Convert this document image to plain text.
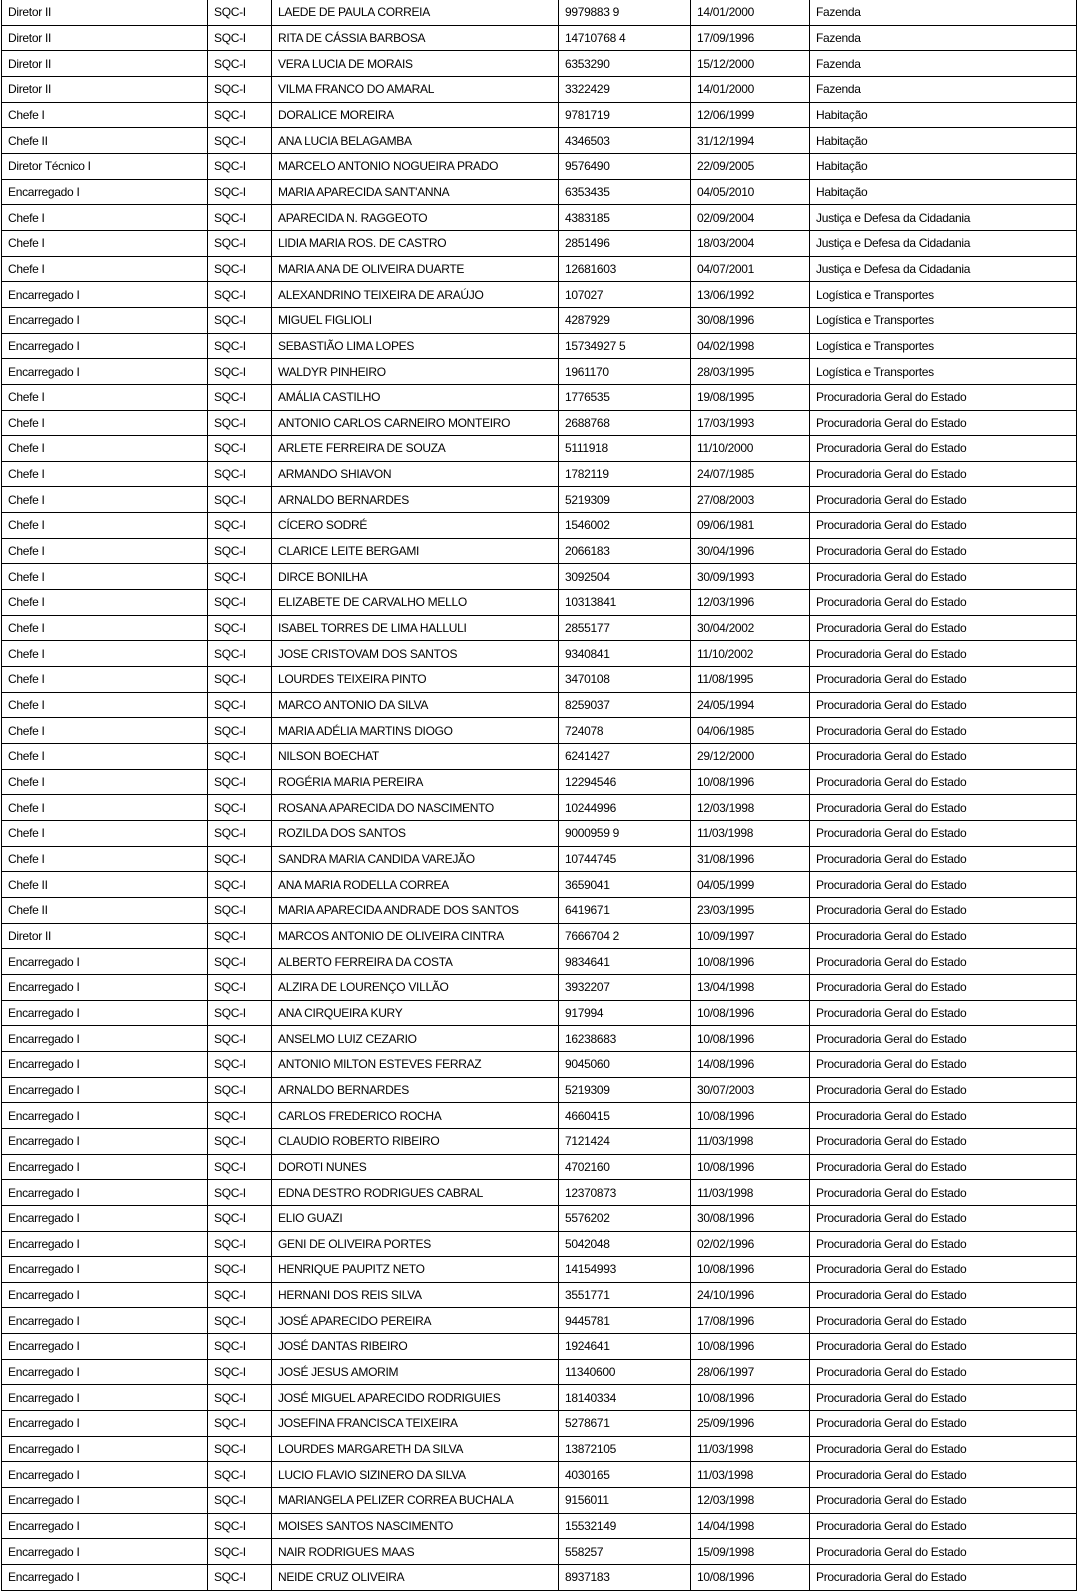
Diretor II	SQC-I	LAEDE DE PAULA CORREIA	9979883 9	14/01/2000	Fazenda
Diretor II	SQC-I	RITA DE CÁSSIA BARBOSA	14710768 4	17/09/1996	Fazenda
Diretor II	SQC-I	VERA LUCIA DE MORAIS	6353290	15/12/2000	Fazenda
Diretor II	SQC-I	VILMA FRANCO DO AMARAL	3322429	14/01/2000	Fazenda
Chefe I	SQC-I	DORALICE MOREIRA	9781719	12/06/1999	Habitação
Chefe II	SQC-I	ANA LUCIA BELAGAMBA	4346503	31/12/1994	Habitação
Diretor Técnico I	SQC-I	MARCELO ANTONIO NOGUEIRA PRADO	9576490	22/09/2005	Habitação
Encarregado I	SQC-I	MARIA APARECIDA SANT'ANNA	6353435	04/05/2010	Habitação
Chefe I	SQC-I	APARECIDA N. RAGGEOTO	4383185	02/09/2004	Justiça e Defesa da Cidadania
Chefe I	SQC-I	LIDIA MARIA ROS. DE CASTRO	2851496	18/03/2004	Justiça e Defesa da Cidadania
Chefe I	SQC-I	MARIA ANA DE OLIVEIRA DUARTE	12681603	04/07/2001	Justiça e Defesa da Cidadania
Encarregado I	SQC-I	ALEXANDRINO TEIXEIRA DE ARAÚJO	107027	13/06/1992	Logística e Transportes
Encarregado I	SQC-I	MIGUEL FIGLIOLI	4287929	30/08/1996	Logística e Transportes
Encarregado I	SQC-I	SEBASTIÃO LIMA LOPES	15734927 5	04/02/1998	Logística e Transportes
Encarregado I	SQC-I	WALDYR PINHEIRO	1961170	28/03/1995	Logística e Transportes
Chefe I	SQC-I	AMÁLIA CASTILHO	1776535	19/08/1995	Procuradoria Geral do Estado
Chefe I	SQC-I	ANTONIO CARLOS CARNEIRO MONTEIRO	2688768	17/03/1993	Procuradoria Geral do Estado
Chefe I	SQC-I	ARLETE FERREIRA DE SOUZA	5111918	11/10/2000	Procuradoria Geral do Estado
Chefe I	SQC-I	ARMANDO SHIAVON	1782119	24/07/1985	Procuradoria Geral do Estado
Chefe I	SQC-I	ARNALDO BERNARDES	5219309	27/08/2003	Procuradoria Geral do Estado
Chefe I	SQC-I	CÍCERO SODRÉ	1546002	09/06/1981	Procuradoria Geral do Estado
Chefe I	SQC-I	CLARICE LEITE BERGAMI	2066183	30/04/1996	Procuradoria Geral do Estado
Chefe I	SQC-I	DIRCE BONILHA	3092504	30/09/1993	Procuradoria Geral do Estado
Chefe I	SQC-I	ELIZABETE DE CARVALHO MELLO	10313841	12/03/1996	Procuradoria Geral do Estado
Chefe I	SQC-I	ISABEL TORRES DE LIMA HALLULI	2855177	30/04/2002	Procuradoria Geral do Estado
Chefe I	SQC-I	JOSE CRISTOVAM DOS SANTOS	9340841	11/10/2002	Procuradoria Geral do Estado
Chefe I	SQC-I	LOURDES TEIXEIRA PINTO	3470108	11/08/1995	Procuradoria Geral do Estado
Chefe I	SQC-I	MARCO ANTONIO DA SILVA	8259037	24/05/1994	Procuradoria Geral do Estado
Chefe I	SQC-I	MARIA ADÉLIA MARTINS DIOGO	724078	04/06/1985	Procuradoria Geral do Estado
Chefe I	SQC-I	NILSON BOECHAT	6241427	29/12/2000	Procuradoria Geral do Estado
Chefe I	SQC-I	ROGÉRIA MARIA PEREIRA	12294546	10/08/1996	Procuradoria Geral do Estado
Chefe I	SQC-I	ROSANA APARECIDA DO NASCIMENTO	10244996	12/03/1998	Procuradoria Geral do Estado
Chefe I	SQC-I	ROZILDA DOS SANTOS	9000959 9	11/03/1998	Procuradoria Geral do Estado
Chefe I	SQC-I	SANDRA MARIA CANDIDA VAREJÃO	10744745	31/08/1996	Procuradoria Geral do Estado
Chefe II	SQC-I	ANA MARIA RODELLA CORREA	3659041	04/05/1999	Procuradoria Geral do Estado
Chefe II	SQC-I	MARIA APARECIDA ANDRADE DOS SANTOS	6419671	23/03/1995	Procuradoria Geral do Estado
Diretor II	SQC-I	MARCOS ANTONIO DE OLIVEIRA CINTRA	7666704 2	10/09/1997	Procuradoria Geral do Estado
Encarregado I	SQC-I	ALBERTO FERREIRA DA COSTA	9834641	10/08/1996	Procuradoria Geral do Estado
Encarregado I	SQC-I	ALZIRA DE LOURENÇO VILLÃO	3932207	13/04/1998	Procuradoria Geral do Estado
Encarregado I	SQC-I	ANA CIRQUEIRA KURY	917994	10/08/1996	Procuradoria Geral do Estado
Encarregado I	SQC-I	ANSELMO LUIZ CEZARIO	16238683	10/08/1996	Procuradoria Geral do Estado
Encarregado I	SQC-I	ANTONIO MILTON ESTEVES FERRAZ	9045060	14/08/1996	Procuradoria Geral do Estado
Encarregado I	SQC-I	ARNALDO BERNARDES	5219309	30/07/2003	Procuradoria Geral do Estado
Encarregado I	SQC-I	CARLOS FREDERICO ROCHA	4660415	10/08/1996	Procuradoria Geral do Estado
Encarregado I	SQC-I	CLAUDIO ROBERTO RIBEIRO	7121424	11/03/1998	Procuradoria Geral do Estado
Encarregado I	SQC-I	DOROTI NUNES	4702160	10/08/1996	Procuradoria Geral do Estado
Encarregado I	SQC-I	EDNA DESTRO RODRIGUES CABRAL	12370873	11/03/1998	Procuradoria Geral do Estado
Encarregado I	SQC-I	ELIO GUAZI	5576202	30/08/1996	Procuradoria Geral do Estado
Encarregado I	SQC-I	GENI DE OLIVEIRA PORTES	5042048	02/02/1996	Procuradoria Geral do Estado
Encarregado I	SQC-I	HENRIQUE PAUPITZ NETO	14154993	10/08/1996	Procuradoria Geral do Estado
Encarregado I	SQC-I	HERNANI DOS REIS SILVA	3551771	24/10/1996	Procuradoria Geral do Estado
Encarregado I	SQC-I	JOSÉ APARECIDO PEREIRA	9445781	17/08/1996	Procuradoria Geral do Estado
Encarregado I	SQC-I	JOSÉ DANTAS RIBEIRO	1924641	10/08/1996	Procuradoria Geral do Estado
Encarregado I	SQC-I	JOSÉ JESUS AMORIM	11340600	28/06/1997	Procuradoria Geral do Estado
Encarregado I	SQC-I	JOSÉ MIGUEL APARECIDO RODRIGUIES	18140334	10/08/1996	Procuradoria Geral do Estado
Encarregado I	SQC-I	JOSEFINA FRANCISCA TEIXEIRA	5278671	25/09/1996	Procuradoria Geral do Estado
Encarregado I	SQC-I	LOURDES MARGARETH DA SILVA	13872105	11/03/1998	Procuradoria Geral do Estado
Encarregado I	SQC-I	LUCIO FLAVIO SIZINERO DA SILVA	4030165	11/03/1998	Procuradoria Geral do Estado
Encarregado I	SQC-I	MARIANGELA PELIZER CORREA BUCHALA	9156011	12/03/1998	Procuradoria Geral do Estado
Encarregado I	SQC-I	MOISES SANTOS NASCIMENTO	15532149	14/04/1998	Procuradoria Geral do Estado
Encarregado I	SQC-I	NAIR RODRIGUES MAAS	558257	15/09/1998	Procuradoria Geral do Estado
Encarregado I	SQC-I	NEIDE CRUZ OLIVEIRA	8937183	10/08/1996	Procuradoria Geral do Estado
